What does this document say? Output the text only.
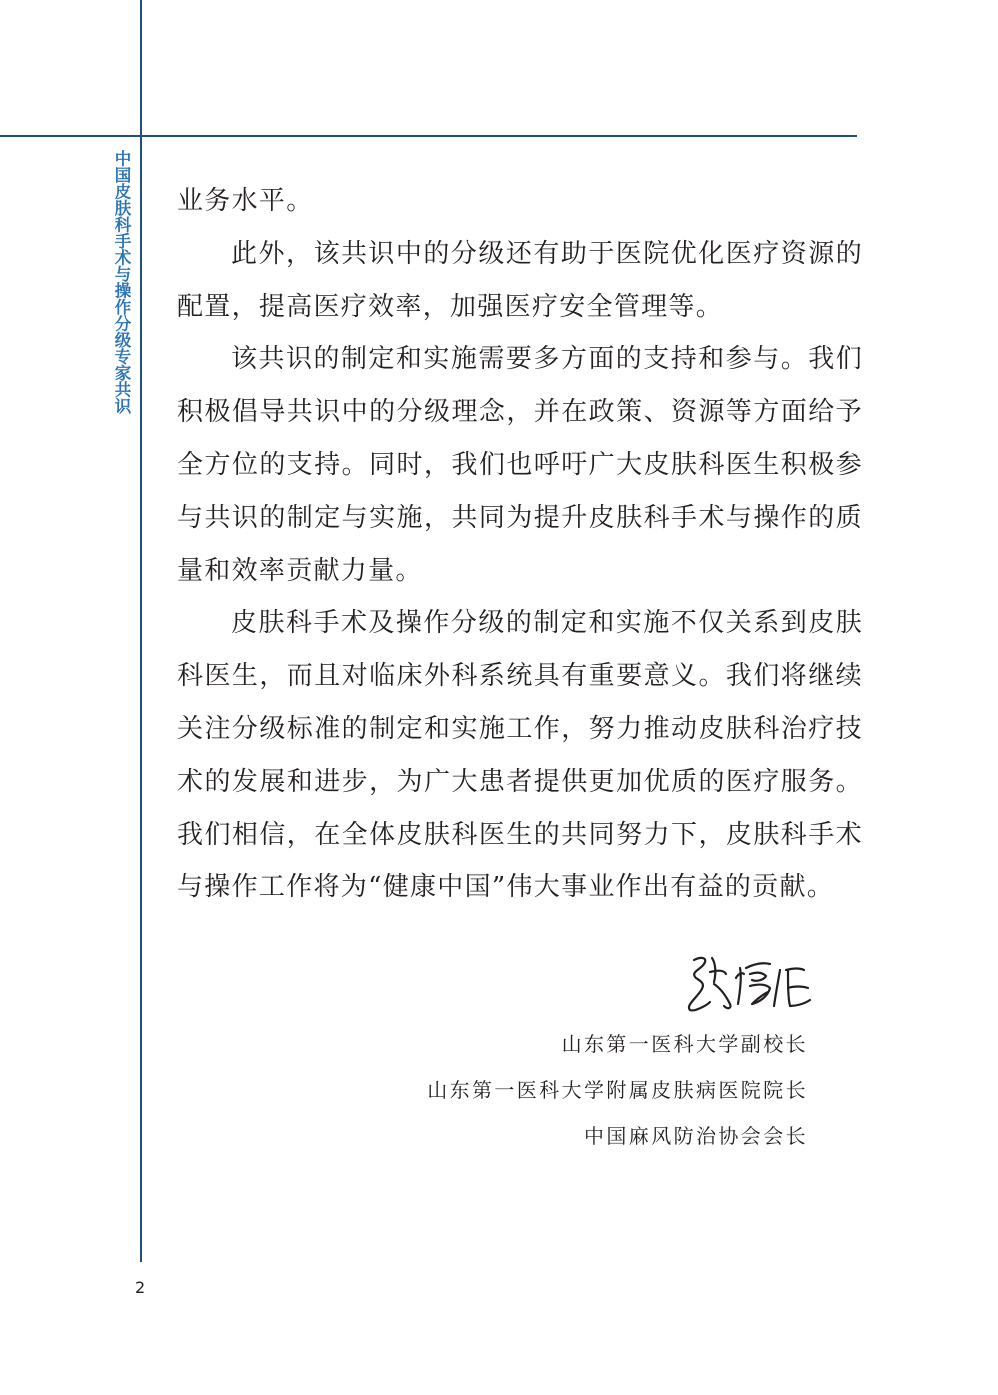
中国皮肤科手术与操作分级专家共识 业务水平。

此外，该共识中的分级还有助于医院优化医疗资源的配置，提高医疗效率，加强医疗安全管理等。

该共识的制定和实施需要多方面的支持和参与。我们积极倡导共识中的分级理念，并在政策、资源等方面给予全方位的支持。同时，我们也呼吁广大皮肤科医生积极参与共识的制定与实施，共同为提升皮肤科手术与操作的质量和效率贡献力量。

皮肤科手术及操作分级的制定和实施不仅关系到皮肤科医生，而且对临床外科系统具有重要意义。我们将继续关注分级标准的制定和实施工作，努力推动皮肤科治疗技术的发展和进步，为广大患者提供更加优质的医疗服务。我们相信，在全体皮肤科医生的共同努力下，皮肤科手术与操作工作将为“健康中国”伟大事业作出有益的贡献。

山东第一医科大学副校长
山东第一医科大学附属皮肤病医院院长
中国麻风防治协会会长
2
